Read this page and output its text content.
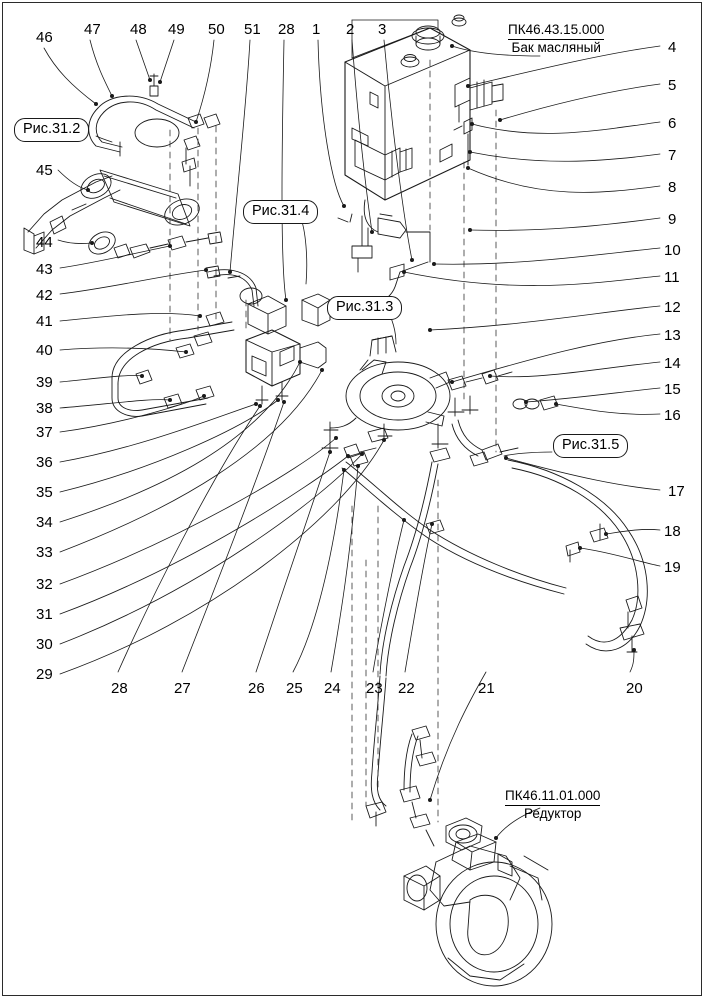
46 47 48 49 50 51 28 1 2 3
4
5
6
7
8
9
10
11
12
13
14
15
16
17
18
19
45
44
43
42
41
40
39
38
37
36
35
34
33
32
31
30
29
28	27	26 25 24 23 22	21	20
Рис.31.2
Рис.31.4
Рис.31.3
Рис.31.5
ПК46.43.15.000
Бак масляный
ПК46.11.01.000
Редуктор
